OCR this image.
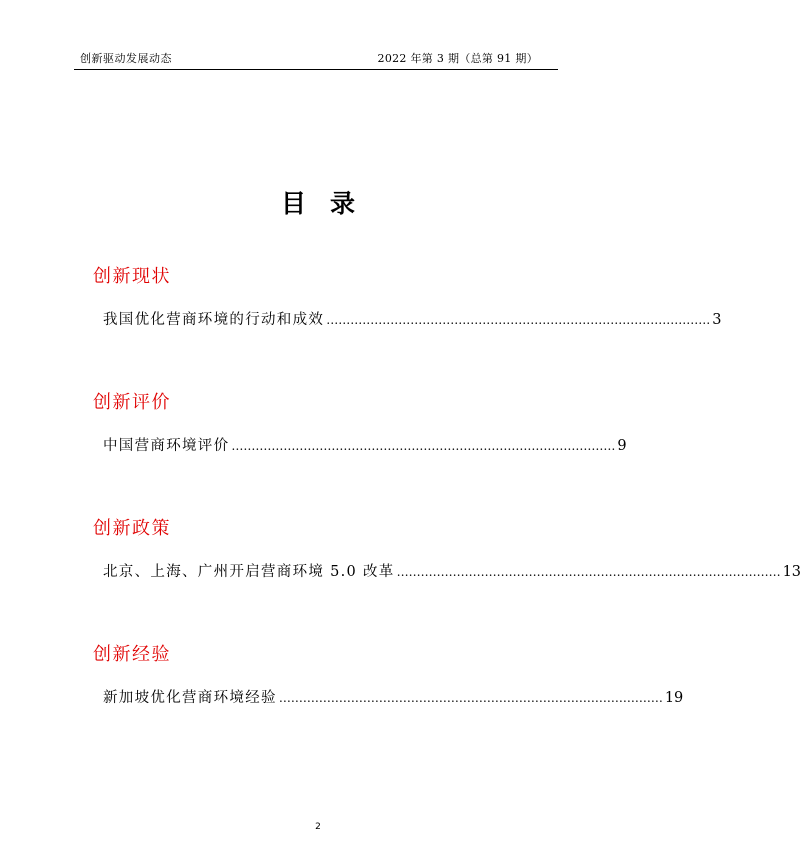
创新驱动发展动态	2022 年第 3 期（总第 91 期）
目录
创新现状
我国优化营商环境的行动和成效 …………………………………………………………………………………… 3
创新评价
中国营商环境评价 …………………………………………………………………………………… 9
创新政策
北京、上海、广州开启营商环境 5.0 改革 …………………………………………………………………………………… 13
创新经验
新加坡优化营商环境经验 …………………………………………………………………………………… 19
2
